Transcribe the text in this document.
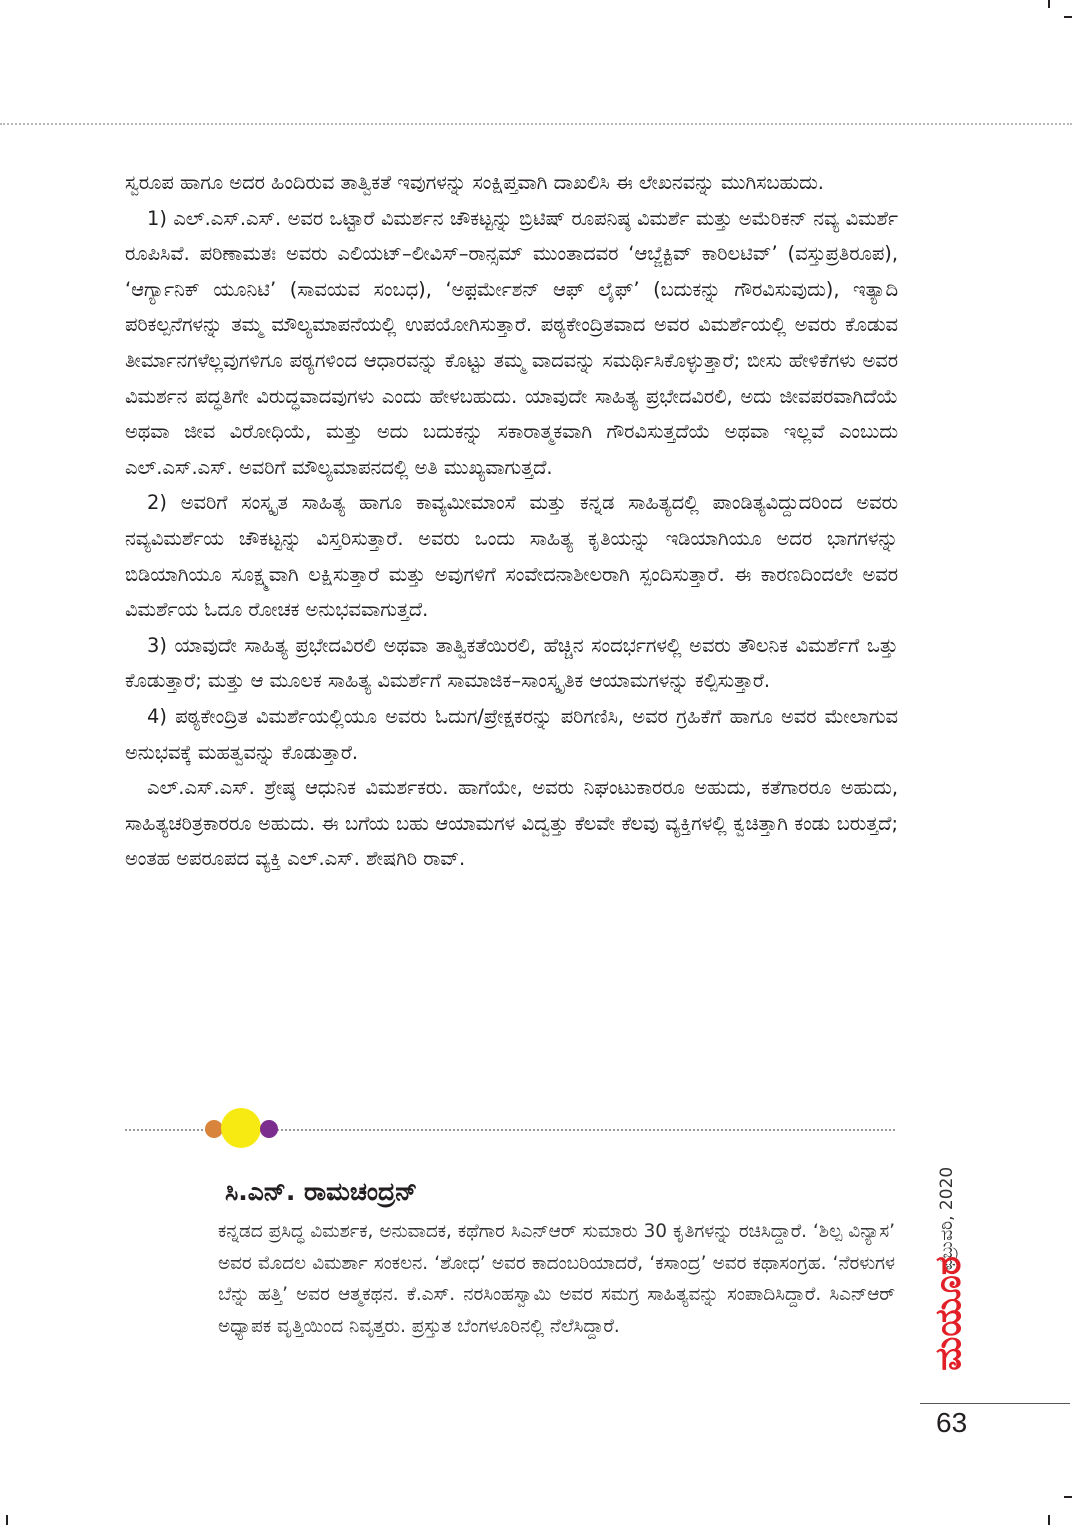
ಸ್ವರೂಪ ಹಾಗೂ ಅದರ ಹಿಂದಿರುವ ತಾತ್ವಿಕತೆ ಇವುಗಳನ್ನು ಸಂಕ್ಷಿಪ್ತವಾಗಿ ದಾಖಲಿಸಿ ಈ ಲೇಖನವನ್ನು ಮುಗಿಸಬಹುದು.

1) ಎಲ್.ಎಸ್.ಎಸ್. ಅವರ ಒಟ್ಟಾರೆ ವಿಮರ್ಶನ ಚೌಕಟ್ಟನ್ನು ಬ್ರಿಟಿಷ್ ರೂಪನಿಷ್ಠ ವಿಮರ್ಶೆ ಮತ್ತು ಅಮೆರಿಕನ್ ನವ್ಯ ವಿಮರ್ಶೆ ರೂಪಿಸಿವೆ. ಪರಿಣಾಮತಃ ಅವರು ಎಲಿಯಟ್–ಲೀವಿಸ್–ರಾನ್ಸಮ್ ಮುಂತಾದವರ ‘ಆಬ್ಜೆಕ್ಟಿವ್ ಕಾರಿಲಟಿವ್’ (ವಸ್ತುಪ್ರತಿರೂಪ), ‘ಆರ್ಗ್ಯಾನಿಕ್ ಯೂನಿಟಿ’ (ಸಾವಯವ ಸಂಬಧ), ‘ಅಫ಼ರ್ಮೇಶನ್ ಆಫ್ ಲೈಫ್’ (ಬದುಕನ್ನು ಗೌರವಿಸುವುದು), ಇತ್ಯಾದಿ ಪರಿಕಲ್ಪನೆಗಳನ್ನು ತಮ್ಮ ಮೌಲ್ಯಮಾಪನೆಯಲ್ಲಿ ಉಪಯೋಗಿಸುತ್ತಾರೆ. ಪಠ್ಯಕೇಂದ್ರಿತವಾದ ಅವರ ವಿಮರ್ಶೆಯಲ್ಲಿ ಅವರು ಕೊಡುವ ತೀರ್ಮಾನಗಳೆಲ್ಲವುಗಳಿಗೂ ಪಠ್ಯಗಳಿಂದ ಆಧಾರವನ್ನು ಕೊಟ್ಟು ತಮ್ಮ ವಾದವನ್ನು ಸಮರ್ಥಿಸಿಕೊಳ್ಳುತ್ತಾರೆ; ಬೀಸು ಹೇಳಿಕೆಗಳು ಅವರ ವಿಮರ್ಶನ ಪದ್ಧತಿಗೇ ವಿರುದ್ಧವಾದವುಗಳು ಎಂದು ಹೇಳಬಹುದು. ಯಾವುದೇ ಸಾಹಿತ್ಯ ಪ್ರಭೇದವಿರಲಿ, ಅದು ಜೀವಪರವಾಗಿದೆಯೆ ಅಥವಾ ಜೀವ ವಿರೋಧಿಯೆ, ಮತ್ತು ಅದು ಬದುಕನ್ನು ಸಕಾರಾತ್ಮಕವಾಗಿ ಗೌರವಿಸುತ್ತದೆಯೆ ಅಥವಾ ಇಲ್ಲವೆ ಎಂಬುದು ಎಲ್.ಎಸ್.ಎಸ್. ಅವರಿಗೆ ಮೌಲ್ಯಮಾಪನದಲ್ಲಿ ಅತಿ ಮುಖ್ಯವಾಗುತ್ತದೆ.

2) ಅವರಿಗೆ ಸಂಸ್ಕೃತ ಸಾಹಿತ್ಯ ಹಾಗೂ ಕಾವ್ಯಮೀಮಾಂಸೆ ಮತ್ತು ಕನ್ನಡ ಸಾಹಿತ್ಯದಲ್ಲಿ ಪಾಂಡಿತ್ಯವಿದ್ದುದರಿಂದ ಅವರು ನವ್ಯವಿಮರ್ಶೆಯ ಚೌಕಟ್ಟನ್ನು ವಿಸ್ತರಿಸುತ್ತಾರೆ. ಅವರು ಒಂದು ಸಾಹಿತ್ಯ ಕೃತಿಯನ್ನು ಇಡಿಯಾಗಿಯೂ ಅದರ ಭಾಗಗಳನ್ನು ಬಿಡಿಯಾಗಿಯೂ ಸೂಕ್ಷ್ಮವಾಗಿ ಲಕ್ಷಿಸುತ್ತಾರೆ ಮತ್ತು ಅವುಗಳಿಗೆ ಸಂವೇದನಾಶೀಲರಾಗಿ ಸ್ಪಂದಿಸುತ್ತಾರೆ. ಈ ಕಾರಣದಿಂದಲೇ ಅವರ ವಿಮರ್ಶೆಯ ಓದೂ ರೋಚಕ ಅನುಭವವಾಗುತ್ತದೆ.

3) ಯಾವುದೇ ಸಾಹಿತ್ಯ ಪ್ರಭೇದವಿರಲಿ ಅಥವಾ ತಾತ್ವಿಕತೆಯಿರಲಿ, ಹೆಚ್ಚಿನ ಸಂದರ್ಭಗಳಲ್ಲಿ ಅವರು ತೌಲನಿಕ ವಿಮರ್ಶೆಗೆ ಒತ್ತು ಕೊಡುತ್ತಾರೆ; ಮತ್ತು ಆ ಮೂಲಕ ಸಾಹಿತ್ಯ ವಿಮರ್ಶೆಗೆ ಸಾಮಾಜಿಕ–ಸಾಂಸ್ಕೃತಿಕ ಆಯಾಮಗಳನ್ನು ಕಲ್ಪಿಸುತ್ತಾರೆ.

4) ಪಠ್ಯಕೇಂದ್ರಿತ ವಿಮರ್ಶೆಯಲ್ಲಿಯೂ ಅವರು ಓದುಗ/ಪ್ರೇಕ್ಷಕರನ್ನು ಪರಿಗಣಿಸಿ, ಅವರ ಗ್ರಹಿಕೆಗೆ ಹಾಗೂ ಅವರ ಮೇಲಾಗುವ ಅನುಭವಕ್ಕೆ ಮಹತ್ವವನ್ನು ಕೊಡುತ್ತಾರೆ.

ಎಲ್.ಎಸ್.ಎಸ್. ಶ್ರೇಷ್ಠ ಆಧುನಿಕ ವಿಮರ್ಶಕರು. ಹಾಗೆಯೇ, ಅವರು ನಿಘಂಟುಕಾರರೂ ಅಹುದು, ಕತೆಗಾರರೂ ಅಹುದು, ಸಾಹಿತ್ಯಚರಿತ್ರಕಾರರೂ ಅಹುದು. ಈ ಬಗೆಯ ಬಹು ಆಯಾಮಗಳ ವಿದ್ವತ್ತು ಕೆಲವೇ ಕೆಲವು ವ್ಯಕ್ತಿಗಳಲ್ಲಿ ಕ್ವಚಿತ್ತಾಗಿ ಕಂಡು ಬರುತ್ತದೆ; ಅಂತಹ ಅಪರೂಪದ ವ್ಯಕ್ತಿ ಎಲ್.ಎಸ್. ಶೇಷಗಿರಿ ರಾವ್.

ಸಿ.ಎನ್. ರಾಮಚಂದ್ರನ್
ಕನ್ನಡದ ಪ್ರಸಿದ್ಧ ವಿಮರ್ಶಕ, ಅನುವಾದಕ, ಕಥೆಗಾರ ಸಿಎನ್‌ಆರ್ ಸುಮಾರು 30 ಕೃತಿಗಳನ್ನು ರಚಿಸಿದ್ದಾರೆ. ‘ಶಿಲ್ಪ ವಿನ್ಯಾಸ’ ಅವರ ಮೊದಲ ವಿಮರ್ಶಾ ಸಂಕಲನ. ‘ಶೋಧ’ ಅವರ ಕಾದಂಬರಿಯಾದರೆ, ‘ಕಸಾಂದ್ರ’ ಅವರ ಕಥಾಸಂಗ್ರಹ. ‘ನೆರಳುಗಳ ಬೆನ್ನು ಹತ್ತಿ’ ಅವರ ಆತ್ಮಕಥನ. ಕೆ.ಎಸ್. ನರಸಿಂಹಸ್ವಾಮಿ ಅವರ ಸಮಗ್ರ ಸಾಹಿತ್ಯವನ್ನು ಸಂಪಾದಿಸಿದ್ದಾರೆ. ಸಿಎನ್‌ಆರ್ ಅಧ್ಯಾಪಕ ವೃತ್ತಿಯಿಂದ ನಿವೃತ್ತರು. ಪ್ರಸ್ತುತ ಬೆಂಗಳೂರಿನಲ್ಲಿ ನೆಲೆಸಿದ್ದಾರೆ.
ಫೆಬ್ರುವರಿ, 2020
ಮಯೂರ
63
